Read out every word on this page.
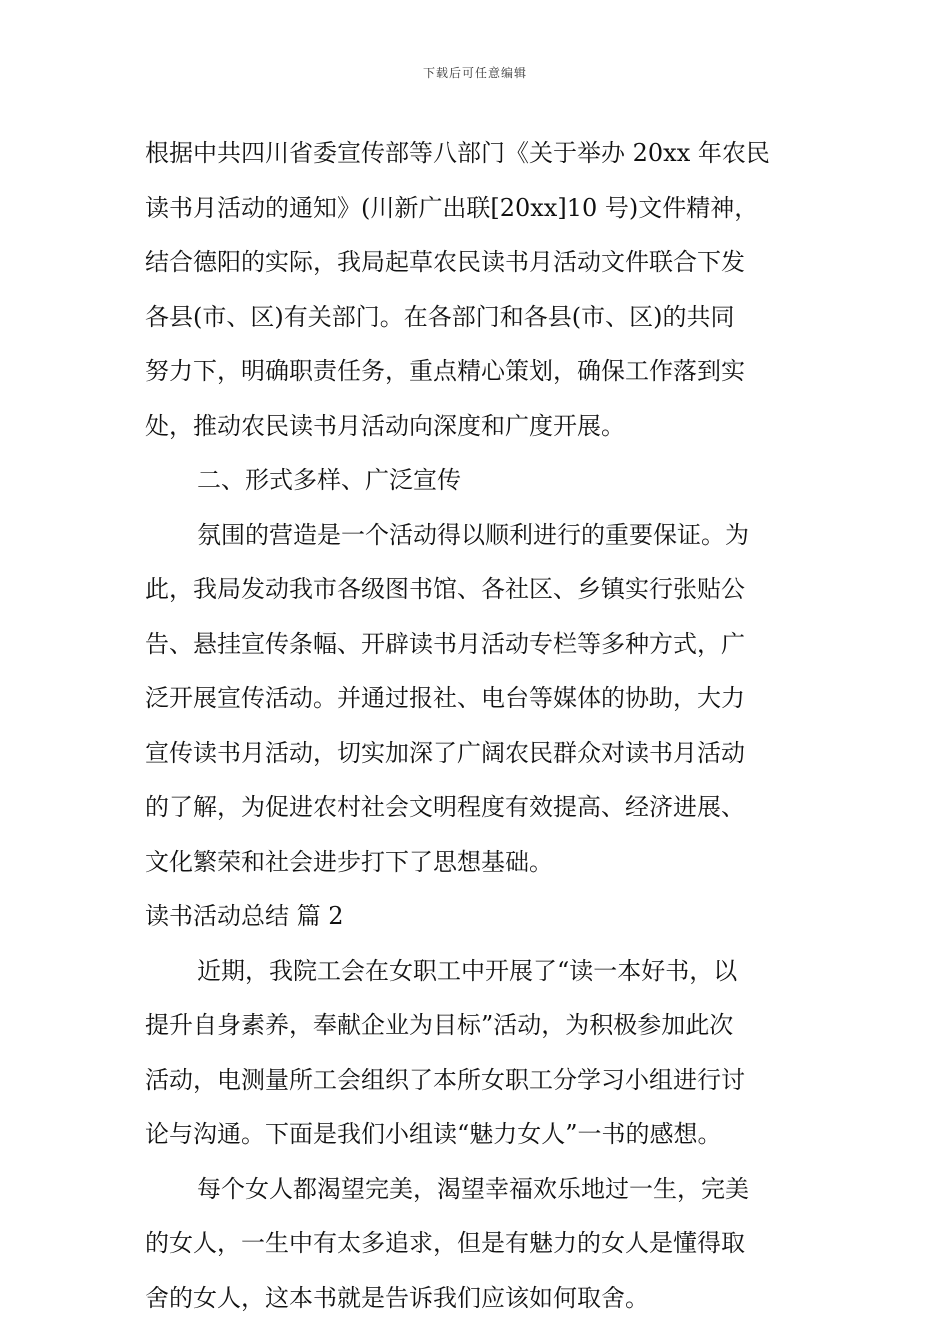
下载后可任意编辑
根据中共四川省委宣传部等八部门《关于举办 20xx 年农民
读书月活动的通知》(川新广出联[20xx]10 号)文件精神，
结合德阳的实际，我局起草农民读书月活动文件联合下发
各县(市、区)有关部门。在各部门和各县(市、区)的共同
努力下，明确职责任务，重点精心策划，确保工作落到实
处，推动农民读书月活动向深度和广度开展。
二、形式多样、广泛宣传
氛围的营造是一个活动得以顺利进行的重要保证。为
此，我局发动我市各级图书馆、各社区、乡镇实行张贴公
告、悬挂宣传条幅、开辟读书月活动专栏等多种方式，广
泛开展宣传活动。并通过报社、电台等媒体的协助，大力
宣传读书月活动，切实加深了广阔农民群众对读书月活动
的了解，为促进农村社会文明程度有效提高、经济进展、
文化繁荣和社会进步打下了思想基础。
读书活动总结 篇 2
近期，我院工会在女职工中开展了“读一本好书，以
提升自身素养，奉献企业为目标”活动，为积极参加此次
活动，电测量所工会组织了本所女职工分学习小组进行讨
论与沟通。下面是我们小组读“魅力女人”一书的感想。
每个女人都渴望完美，渴望幸福欢乐地过一生，完美
的女人，一生中有太多追求，但是有魅力的女人是懂得取
舍的女人，这本书就是告诉我们应该如何取舍。
